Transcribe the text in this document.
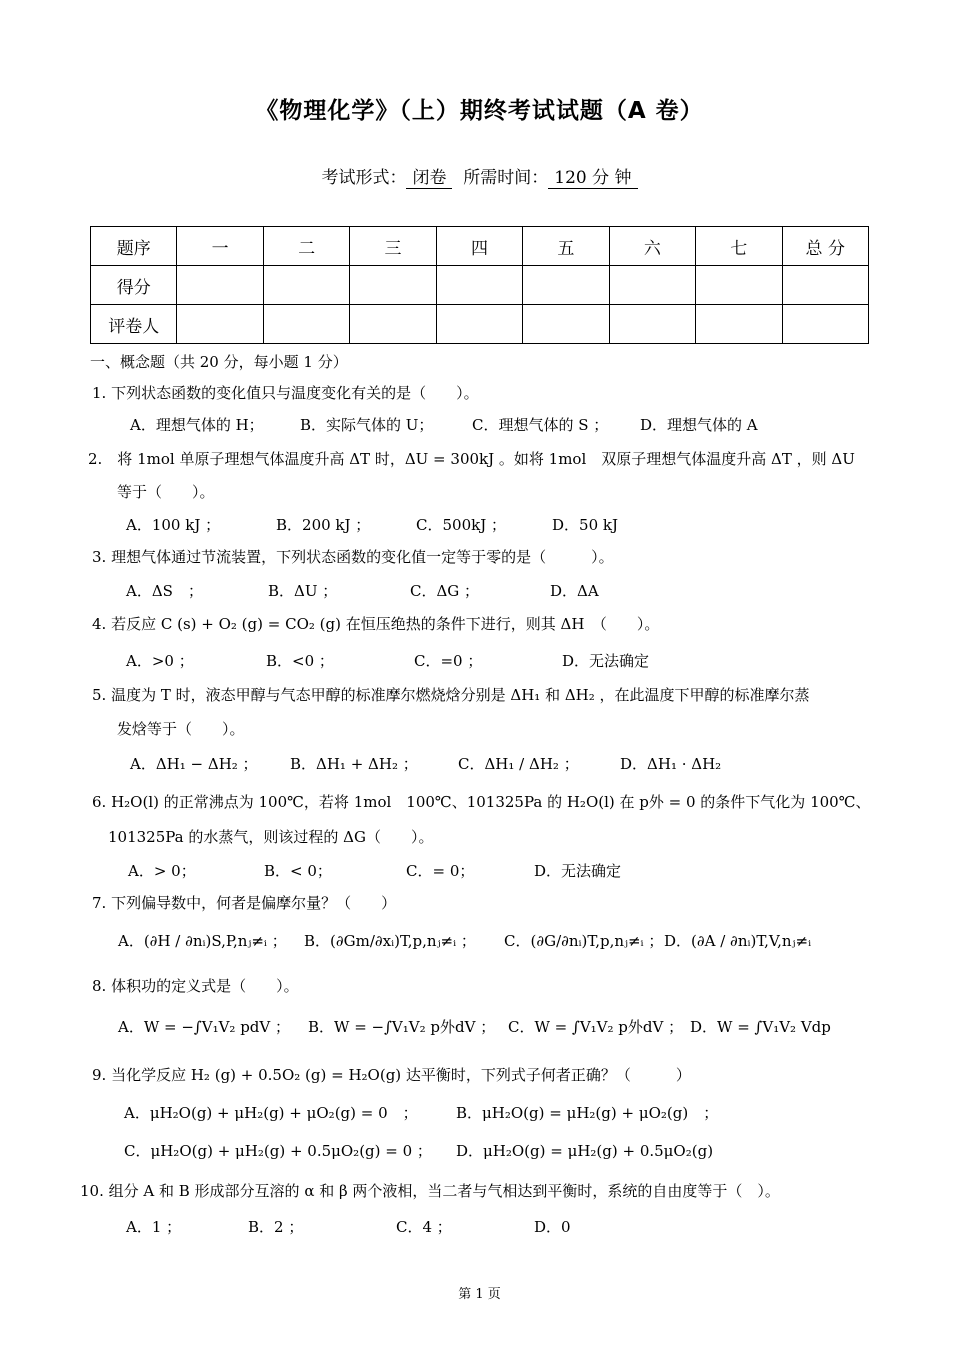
《物理化学》（上）期终考试试题（A 卷）
考试形式： 闭卷 所需时间： 120 分 钟
题序	一	二	三	四	五	六	七	总 分
得分								
评卷人								
一、概念题（共 20 分，每小题 1 分）
1. 下列状态函数的变化值只与温度变化有关的是（　　）。
A．理想气体的 H； B．实际气体的 U；	C．理想气体的 S ； D．理想气体的 A
2.　将 1mol 单原子理想气体温度升高 ΔT 时，ΔU = 300kJ 。如将 1mol　双原子理想气体温度升高 ΔT ，则 ΔU
等于（　　）。
A．100 kJ ；	B．200 kJ ；	C．500kJ ；	D．50 kJ
3. 理想气体通过节流装置，下列状态函数的变化值一定等于零的是（　　　）。
A．ΔS　；	B．ΔU ；	C．ΔG ；	D．ΔA
4. 若反应 C (s) + O₂ (g) = CO₂ (g) 在恒压绝热的条件下进行，则其 ΔH　（　　）。
A．>0 ；	B．<0 ；	C．=0 ；	D．无法确定
5. 温度为 T 时，液态甲醇与气态甲醇的标准摩尔燃烧焓分别是 ΔH₁ 和 ΔH₂ ，在此温度下甲醇的标准摩尔蒸
发焓等于（　　）。
A．ΔH₁ − ΔH₂ ； B．ΔH₁ + ΔH₂ ；	C．ΔH₁ / ΔH₂ ；	D．ΔH₁ · ΔH₂
6. H₂O(l) 的正常沸点为 100℃，若将 1mol　100℃、101325Pa 的 H₂O(l) 在 p外 = 0 的条件下气化为 100℃、
101325Pa 的水蒸气，则该过程的 ΔG（　　）。
A．> 0；	B．< 0；	C．= 0；	D．无法确定
7. 下列偏导数中，何者是偏摩尔量？（　　）
A．(∂H / ∂nᵢ)S,P,nⱼ≠ᵢ ； B．(∂Gm/∂xᵢ)T,p,nⱼ≠ᵢ ； C．(∂G/∂nᵢ)T,p,nⱼ≠ᵢ ； D．(∂A / ∂nᵢ)T,V,nⱼ≠ᵢ
8. 体积功的定义式是（　　）。
A．W = −∫V₁V₂ pdV ； B．W = −∫V₁V₂ p外dV ； C．W = ∫V₁V₂ p外dV ； D．W = ∫V₁V₂ Vdp
9. 当化学反应 H₂ (g) + 0.5O₂ (g) = H₂O(g) 达平衡时，下列式子何者正确？（　　　）
A．μH₂O(g) + μH₂(g) + μO₂(g) = 0　；	B．μH₂O(g) = μH₂(g) + μO₂(g)　；
C．μH₂O(g) + μH₂(g) + 0.5μO₂(g) = 0 ； D．μH₂O(g) = μH₂(g) + 0.5μO₂(g)
10. 组分 A 和 B 形成部分互溶的 α 和 β 两个液相，当二者与气相达到平衡时，系统的自由度等于（　）。
A．1 ；	B．2 ；	C．4 ；	D．0
第 1 页
